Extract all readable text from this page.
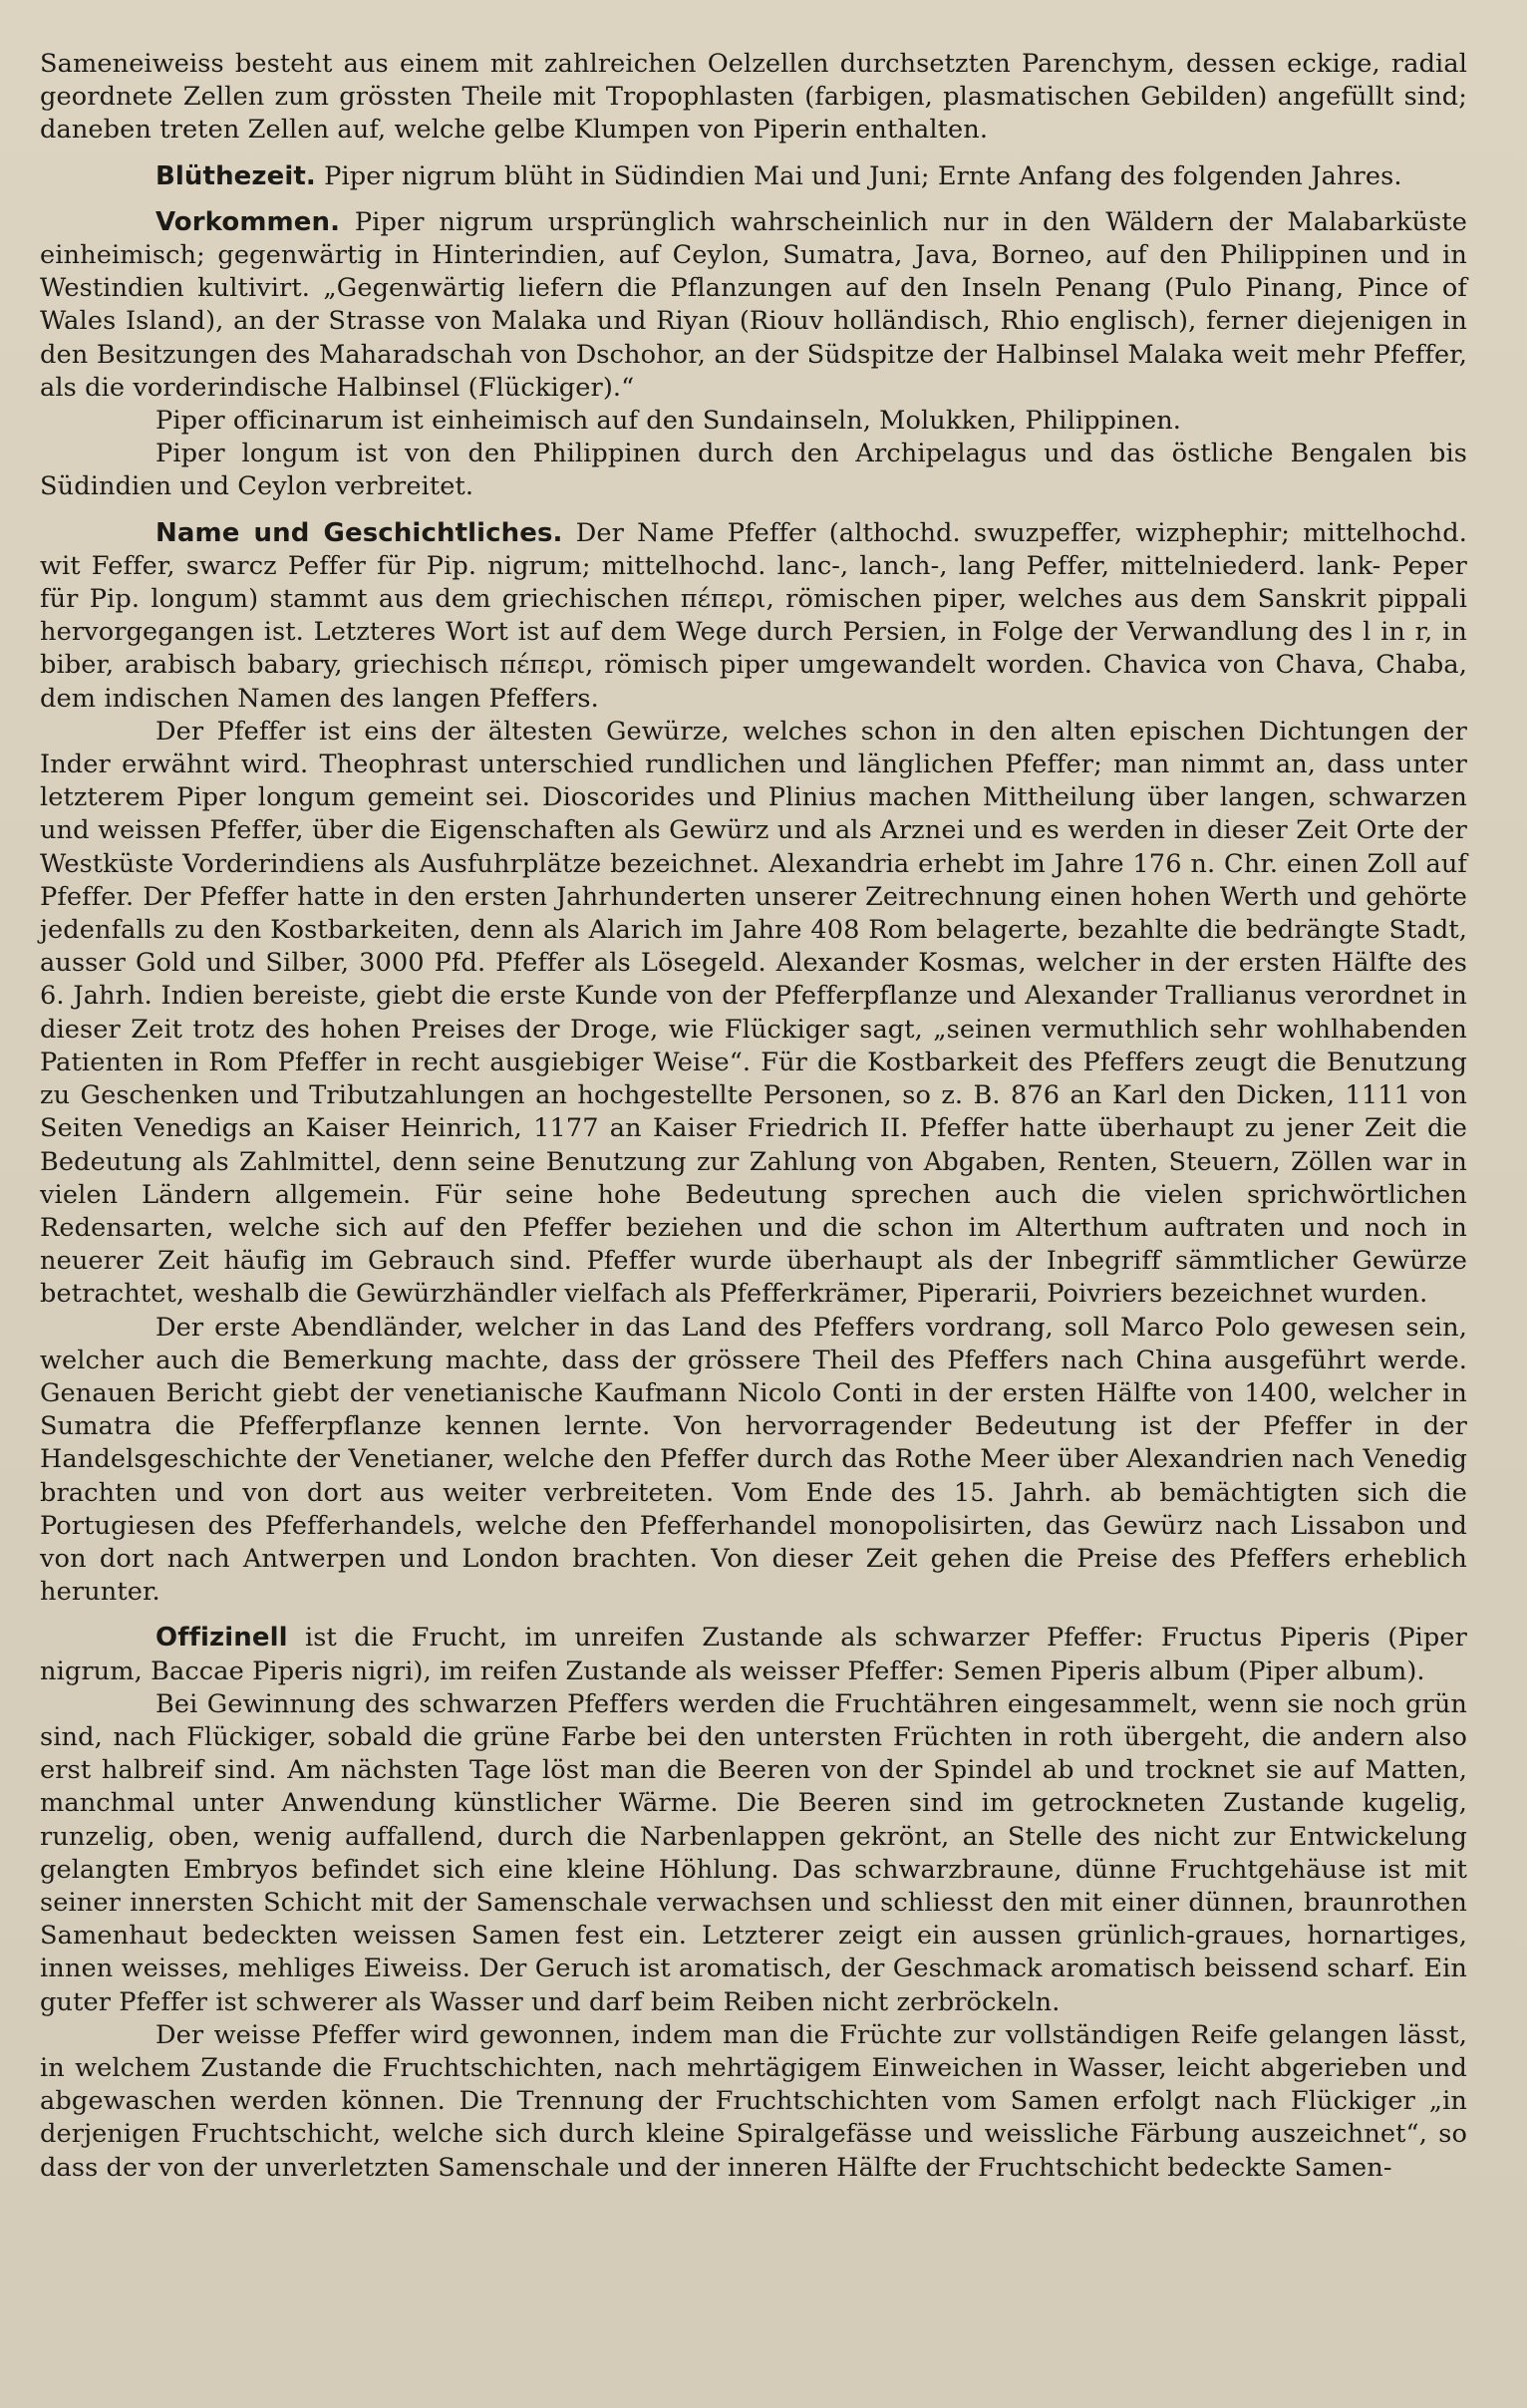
Sameneiweiss besteht aus einem mit zahlreichen Oelzellen durchsetzten Parenchym, dessen eckige, radial geordnete Zellen zum grössten Theile mit Tropophlasten (farbigen, plasmatischen Gebilden) angefüllt sind; daneben treten Zellen auf, welche gelbe Klumpen von Piperin enthalten.

Blüthezeit. Piper nigrum blüht in Südindien Mai und Juni; Ernte Anfang des folgenden Jahres.

Vorkommen. Piper nigrum ursprünglich wahrscheinlich nur in den Wäldern der Malabarküste einheimisch; gegenwärtig in Hinterindien, auf Ceylon, Sumatra, Java, Borneo, auf den Philippinen und in Westindien kultivirt. „Gegenwärtig liefern die Pflanzungen auf den Inseln Penang (Pulo Pinang, Pince of Wales Island), an der Strasse von Malaka und Riyan (Riouv holländisch, Rhio englisch), ferner diejenigen in den Besitzungen des Maharadschah von Dschohor, an der Südspitze der Halbinsel Malaka weit mehr Pfeffer, als die vorderindische Halbinsel (Flückiger).“

Piper officinarum ist einheimisch auf den Sundainseln, Molukken, Philippinen.

Piper longum ist von den Philippinen durch den Archipelagus und das östliche Bengalen bis Südindien und Ceylon verbreitet.

Name und Geschichtliches. Der Name Pfeffer (althochd. swuzpeffer, wizphephir; mittelhochd. wit Feffer, swarcz Peffer für Pip. nigrum; mittelhochd. lanc-, lanch-, lang Peffer, mittelniederd. lank- Peper für Pip. longum) stammt aus dem griechischen πέπερι, römischen piper, welches aus dem Sanskrit pippali hervorgegangen ist. Letzteres Wort ist auf dem Wege durch Persien, in Folge der Verwandlung des l in r, in biber, arabisch babary, griechisch πέπερι, römisch piper umgewandelt worden. Chavica von Chava, Chaba, dem indischen Namen des langen Pfeffers.

Der Pfeffer ist eins der ältesten Gewürze, welches schon in den alten epischen Dichtungen der Inder erwähnt wird. Theophrast unterschied rundlichen und länglichen Pfeffer; man nimmt an, dass unter letzterem Piper longum gemeint sei. Dioscorides und Plinius machen Mittheilung über langen, schwarzen und weissen Pfeffer, über die Eigenschaften als Gewürz und als Arznei und es werden in dieser Zeit Orte der Westküste Vorderindiens als Ausfuhrplätze bezeichnet. Alexandria erhebt im Jahre 176 n. Chr. einen Zoll auf Pfeffer. Der Pfeffer hatte in den ersten Jahrhunderten unserer Zeitrechnung einen hohen Werth und gehörte jedenfalls zu den Kostbarkeiten, denn als Alarich im Jahre 408 Rom belagerte, bezahlte die bedrängte Stadt, ausser Gold und Silber, 3000 Pfd. Pfeffer als Lösegeld. Alexander Kosmas, welcher in der ersten Hälfte des 6. Jahrh. Indien bereiste, giebt die erste Kunde von der Pfefferpflanze und Alexander Trallianus verordnet in dieser Zeit trotz des hohen Preises der Droge, wie Flückiger sagt, „seinen vermuthlich sehr wohlhabenden Patienten in Rom Pfeffer in recht ausgiebiger Weise“. Für die Kostbarkeit des Pfeffers zeugt die Benutzung zu Geschenken und Tributzahlungen an hochgestellte Personen, so z. B. 876 an Karl den Dicken, 1111 von Seiten Venedigs an Kaiser Heinrich, 1177 an Kaiser Friedrich II. Pfeffer hatte überhaupt zu jener Zeit die Bedeutung als Zahlmittel, denn seine Benutzung zur Zahlung von Abgaben, Renten, Steuern, Zöllen war in vielen Ländern allgemein. Für seine hohe Bedeutung sprechen auch die vielen sprichwörtlichen Redensarten, welche sich auf den Pfeffer beziehen und die schon im Alterthum auftraten und noch in neuerer Zeit häufig im Gebrauch sind. Pfeffer wurde überhaupt als der Inbegriff sämmtlicher Gewürze betrachtet, weshalb die Gewürzhändler vielfach als Pfefferkrämer, Piperarii, Poivriers bezeichnet wurden.

Der erste Abendländer, welcher in das Land des Pfeffers vordrang, soll Marco Polo gewesen sein, welcher auch die Bemerkung machte, dass der grössere Theil des Pfeffers nach China ausgeführt werde. Genauen Bericht giebt der venetianische Kaufmann Nicolo Conti in der ersten Hälfte von 1400, welcher in Sumatra die Pfefferpflanze kennen lernte. Von hervorragender Bedeutung ist der Pfeffer in der Handelsgeschichte der Venetianer, welche den Pfeffer durch das Rothe Meer über Alexandrien nach Venedig brachten und von dort aus weiter verbreiteten. Vom Ende des 15. Jahrh. ab bemächtigten sich die Portugiesen des Pfefferhandels, welche den Pfefferhandel monopolisirten, das Gewürz nach Lissabon und von dort nach Antwerpen und London brachten. Von dieser Zeit gehen die Preise des Pfeffers erheblich herunter.

Offizinell ist die Frucht, im unreifen Zustande als schwarzer Pfeffer: Fructus Piperis (Piper nigrum, Baccae Piperis nigri), im reifen Zustande als weisser Pfeffer: Semen Piperis album (Piper album).

Bei Gewinnung des schwarzen Pfeffers werden die Fruchtähren eingesammelt, wenn sie noch grün sind, nach Flückiger, sobald die grüne Farbe bei den untersten Früchten in roth übergeht, die andern also erst halbreif sind. Am nächsten Tage löst man die Beeren von der Spindel ab und trocknet sie auf Matten, manchmal unter Anwendung künstlicher Wärme. Die Beeren sind im getrockneten Zustande kugelig, runzelig, oben, wenig auffallend, durch die Narbenlappen gekrönt, an Stelle des nicht zur Entwickelung gelangten Embryos befindet sich eine kleine Höhlung. Das schwarzbraune, dünne Fruchtgehäuse ist mit seiner innersten Schicht mit der Samenschale verwachsen und schliesst den mit einer dünnen, braunrothen Samenhaut bedeckten weissen Samen fest ein. Letzterer zeigt ein aussen grünlich-graues, hornartiges, innen weisses, mehliges Eiweiss. Der Geruch ist aromatisch, der Geschmack aromatisch beissend scharf. Ein guter Pfeffer ist schwerer als Wasser und darf beim Reiben nicht zerbröckeln.

Der weisse Pfeffer wird gewonnen, indem man die Früchte zur vollständigen Reife gelangen lässt, in welchem Zustande die Fruchtschichten, nach mehrtägigem Einweichen in Wasser, leicht abgerieben und abgewaschen werden können. Die Trennung der Fruchtschichten vom Samen erfolgt nach Flückiger „in derjenigen Fruchtschicht, welche sich durch kleine Spiralgefässe und weissliche Färbung auszeichnet“, so dass der von der unverletzten Samenschale und der inneren Hälfte der Fruchtschicht bedeckte Samen-
